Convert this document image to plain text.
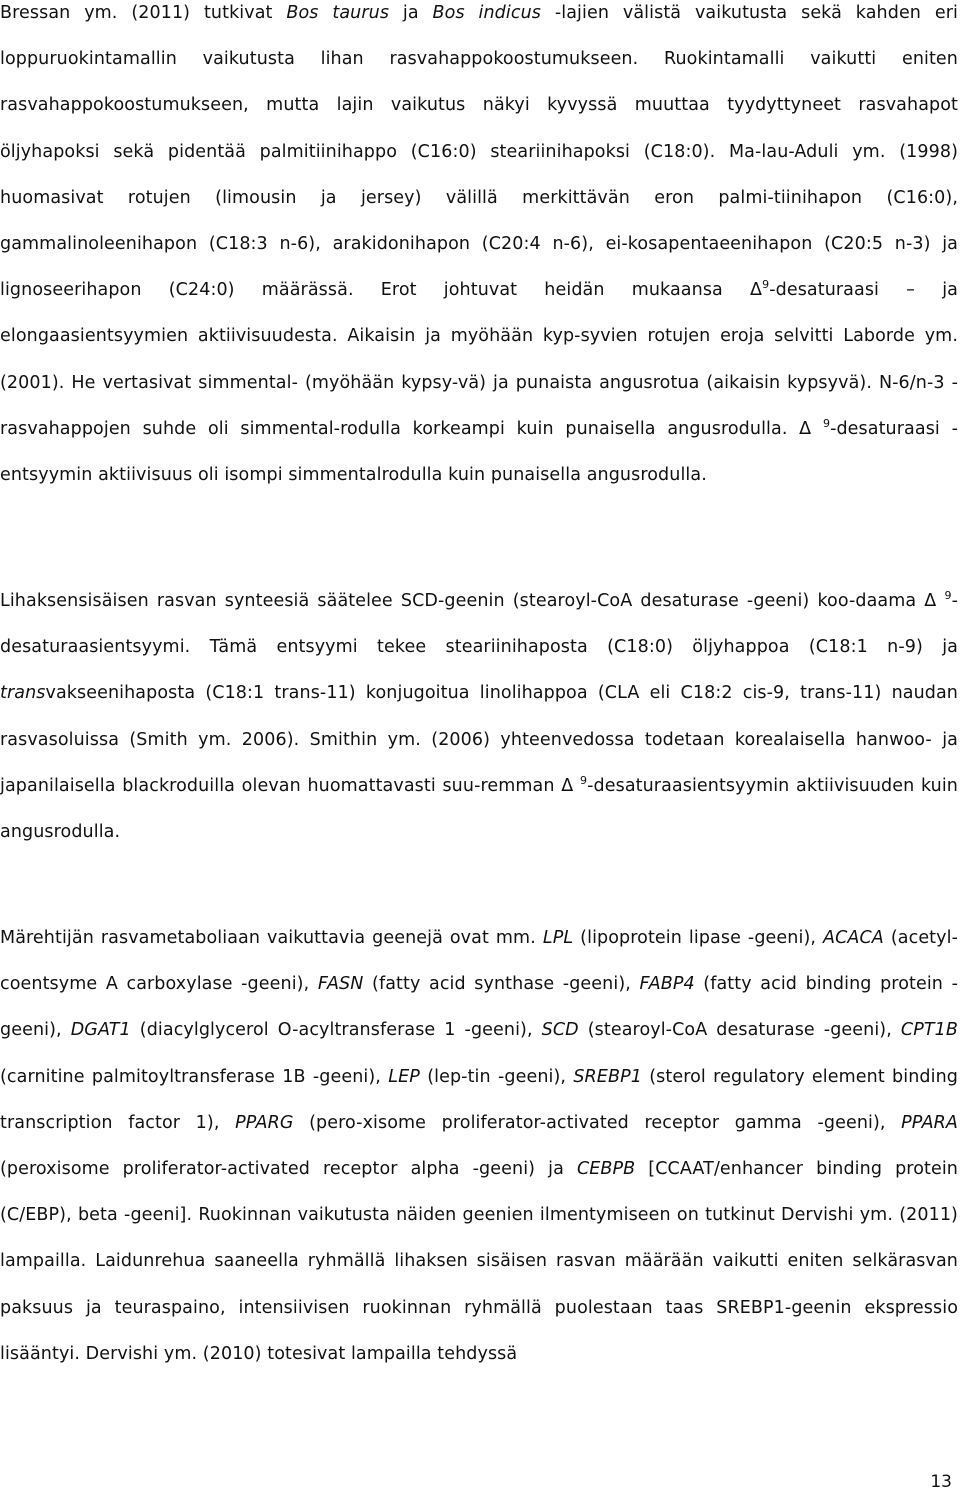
Bressan ym. (2011) tutkivat Bos taurus ja Bos indicus -lajien välistä vaikutusta sekä kahden eri loppuruokintamallin vaikutusta lihan rasvahappokoostumukseen. Ruokintamalli vaikutti eniten rasvahappokoostumukseen, mutta lajin vaikutus näkyi kyvyssä muuttaa tyydyttyneet rasvahapot öljyhapoksi sekä pidentää palmitiinihappo (C16:0) steariinihapoksi (C18:0). Ma-lau-Aduli ym. (1998) huomasivat rotujen (limousin ja jersey) välillä merkittävän eron palmi-tiinihapon (C16:0), gammalinoleenihapon (C18:3 n-6), arakidonihapon (C20:4 n-6), ei-kosapentaeenihapon (C20:5 n-3) ja lignoseerihapon (C24:0) määrässä. Erot johtuvat heidän mukaansa $\Delta^9$-desaturaasi – ja elongaasientsyymien aktiivisuudesta. Aikaisin ja myöhään kyp-syvien rotujen eroja selvitti Laborde ym. (2001). He vertasivat simmental- (myöhään kypsy-vä) ja punaista angusrotua (aikaisin kypsyvä). N-6/n-3 -rasvahappojen suhde oli simmental-rodulla korkeampi kuin punaisella angusrodulla. Δ $^9$-desaturaasi -entsyymin aktiivisuus oli isompi simmentalrodulla kuin punaisella angusrodulla.

Lihaksensisäisen rasvan synteesiä säätelee SCD-geenin (stearoyl-CoA desaturase -geeni) koo-daama Δ $^9$-desaturaasientsyymi. Tämä entsyymi tekee steariinihaposta (C18:0) öljyhappoa (C18:1 n-9) ja transvakseenihaposta (C18:1 trans-11) konjugoitua linolihappoa (CLA eli C18:2 cis-9, trans-11) naudan rasvasoluissa (Smith ym. 2006). Smithin ym. (2006) yhteenvedossa todetaan korealaisella hanwoo- ja japanilaisella blackroduilla olevan huomattavasti suu-remman Δ $^9$-desaturaasientsyymin aktiivisuuden kuin angusrodulla.

Märehtijän rasvametaboliaan vaikuttavia geenejä ovat mm. LPL (lipoprotein lipase -geeni), ACACA (acetyl-coentsyme A carboxylase -geeni), FASN (fatty acid synthase -geeni), FABP4 (fatty acid binding protein -geeni), DGAT1 (diacylglycerol O-acyltransferase 1 -geeni), SCD (stearoyl-CoA desaturase -geeni), CPT1B (carnitine palmitoyltransferase 1B -geeni), LEP (lep-tin -geeni), SREBP1 (sterol regulatory element binding transcription factor 1), PPARG (pero-xisome proliferator-activated receptor gamma -geeni), PPARA (peroxisome proliferator-activated receptor alpha -geeni) ja CEBPB [CCAAT/enhancer binding protein (C/EBP), beta -geeni]. Ruokinnan vaikutusta näiden geenien ilmentymiseen on tutkinut Dervishi ym. (2011) lampailla. Laidunrehua saaneella ryhmällä lihaksen sisäisen rasvan määrään vaikutti eniten selkärasvan paksuus ja teuraspaino, intensiivisen ruokinnan ryhmällä puolestaan taas SREBP1-geenin ekspressio lisääntyi. Dervishi ym. (2010) totesivat lampailla tehdyssä

13
